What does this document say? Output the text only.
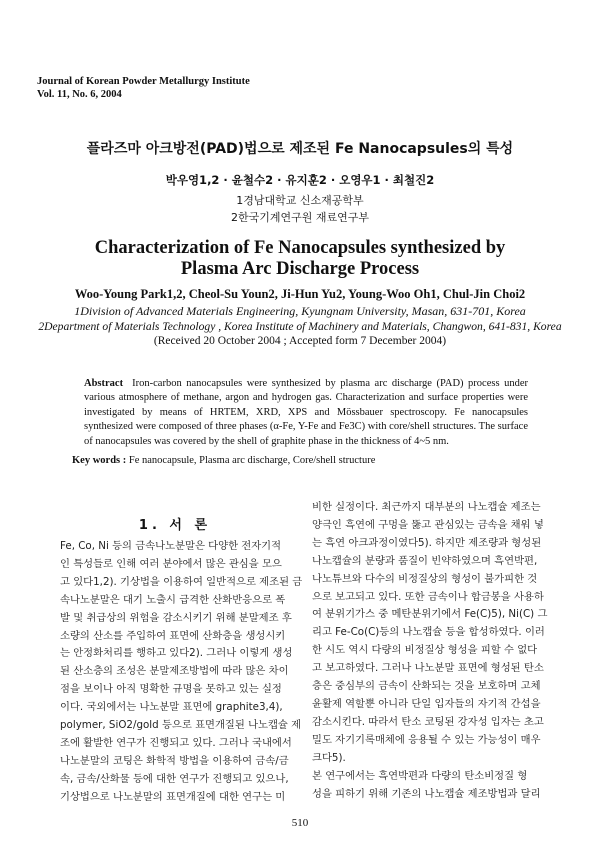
Journal of Korean Powder Metallurgy Institute
Vol. 11, No. 6, 2004
플라즈마 아크방전(PAD)법으로 제조된 Fe Nanocapsules의 특성
박우영1,2 · 윤철수2 · 유지훈2 · 오영우1 · 최철진2
1경남대학교 신소재공학부
2한국기계연구원 재료연구부
Characterization of Fe Nanocapsules synthesized by
Plasma Arc Discharge Process
Woo-Young Park1,2, Cheol-Su Youn2, Ji-Hun Yu2, Young-Woo Oh1, Chul-Jin Choi2
1Division of Advanced Materials Engineering, Kyungnam University, Masan, 631-701, Korea
2Department of Materials Technology , Korea Institute of Machinery and Materials, Changwon, 641-831, Korea
(Received 20 October 2004 ; Accepted form 7 December 2004)
Abstract Iron-carbon nanocapsules were synthesized by plasma arc discharge (PAD) process under various atmosphere of methane, argon and hydrogen gas. Characterization and surface properties were investigated by means of HRTEM, XRD, XPS and Mössbauer spectroscopy. Fe nanocapsules synthesized were composed of three phases (α-Fe, Y-Fe and Fe3C) with core/shell structures. The surface of nanocapsules was covered by the shell of graphite phase in the thickness of 4~5 nm.
Key words : Fe nanocapsule, Plasma arc discharge, Core/shell structure
1. 서 론
Fe, Co, Ni 등의 금속나노분말은 다양한 전자기적
인 특성들로 인해 여러 분야에서 많은 관심을 모으
고 있다1,2). 기상법을 이용하여 일반적으로 제조된 금
속나노분말은 대기 노출시 급격한 산화반응으로 폭
발 및 취급상의 위험을 감소시키기 위해 분말제조 후
소량의 산소를 주입하여 표면에 산화층을 생성시키
는 안정화처리를 행하고 있다2). 그러나 이렇게 생성
된 산소층의 조성은 분말제조방법에 따라 많은 차이
점을 보이나 아직 명확한 규명을 못하고 있는 실정
이다. 국외에서는 나노분말 표면에 graphite3,4),
polymer, SiO2/gold 등으로 표면개질된 나노캡슐 제
조에 활발한 연구가 진행되고 있다. 그러나 국내에서
나노분말의 코팅은 화학적 방법을 이용하여 금속/금
속, 금속/산화물 등에 대한 연구가 진행되고 있으나,
기상법으로 나노분말의 표면개질에 대한 연구는 미
비한 실정이다. 최근까지 대부분의 나노캡슐 제조는
양극인 흑연에 구멍을 뚫고 관심있는 금속을 채워 넣
는 흑연 아크과정이였다5). 하지만 제조량과 형성된
나노캡슐의 분량과 품질이 빈약하였으며 흑연박편,
나노튜브와 다수의 비정질상의 형성이 불가피한 것
으로 보고되고 있다. 또한 금속이나 합금봉을 사용하
여 분위기가스 중 메탄분위기에서 Fe(C)5), Ni(C) 그
리고 Fe-Co(C)등의 나노캡슐 등을 합성하였다. 이러
한 시도 역시 다량의 비정질상 형성을 피할 수 없다
고 보고하였다. 그러나 나노분말 표면에 형성된 탄소
층은 중심부의 금속이 산화되는 것을 보호하며 고체
윤활제 역할뿐 아니라 단일 입자들의 자기적 간섭을
감소시킨다. 따라서 탄소 코팅된 강자성 입자는 초고
밀도 자기기록매체에 응용될 수 있는 가능성이 매우
크다5).
본 연구에서는 흑연박편과 다량의 탄소비정질 형
성을 피하기 위해 기존의 나노캡슐 제조방법과 달리
510
